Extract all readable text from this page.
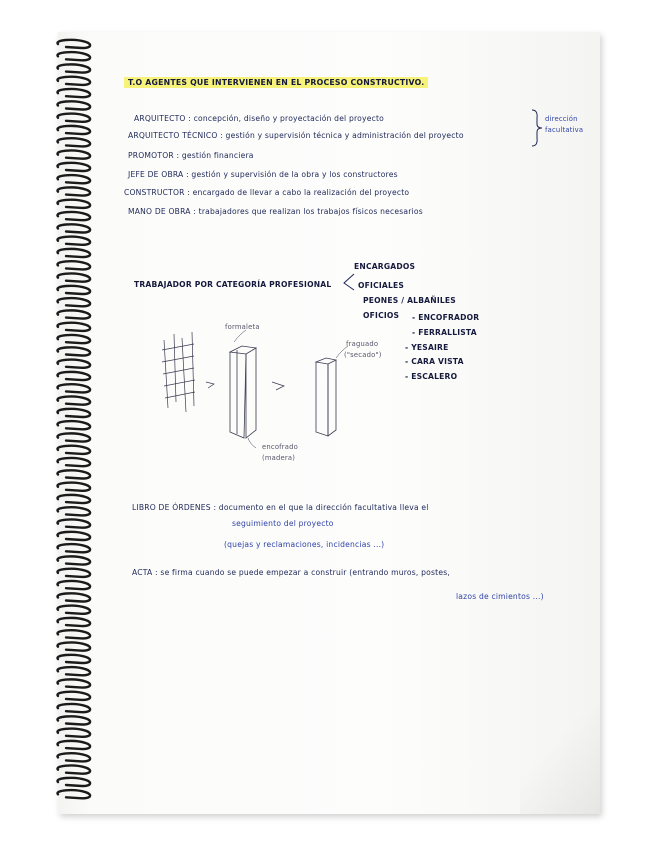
T.O AGENTES QUE INTERVIENEN EN EL PROCESO CONSTRUCTIVO.
ARQUITECTO : concepción, diseño y proyectación del proyecto
ARQUITECTO TÉCNICO : gestión y supervisión técnica y administración del proyecto
PROMOTOR : gestión financiera
JEFE DE OBRA : gestión y supervisión de la obra y los constructores
CONSTRUCTOR : encargado de llevar a cabo la realización del proyecto
MANO DE OBRA : trabajadores que realizan los trabajos físicos necesarios
dirección
facultativa
TRABAJADOR POR CATEGORÍA PROFESIONAL
ENCARGADOS
OFICIALES
PEONES / ALBAÑILES
OFICIOS - ENCOFRADOR
- FERRALLISTA
- YESAIRE
- CARA VISTA
- ESCALERO
formaleta
fraguado
("secado")
encofrado
(madera)
LIBRO DE ÓRDENES : documento en el que la dirección facultativa lleva el
seguimiento del proyecto
(quejas y reclamaciones, incidencias ...)
ACTA : se firma cuando se puede empezar a construir (entrando muros, postes,
lazos de cimientos ...)
